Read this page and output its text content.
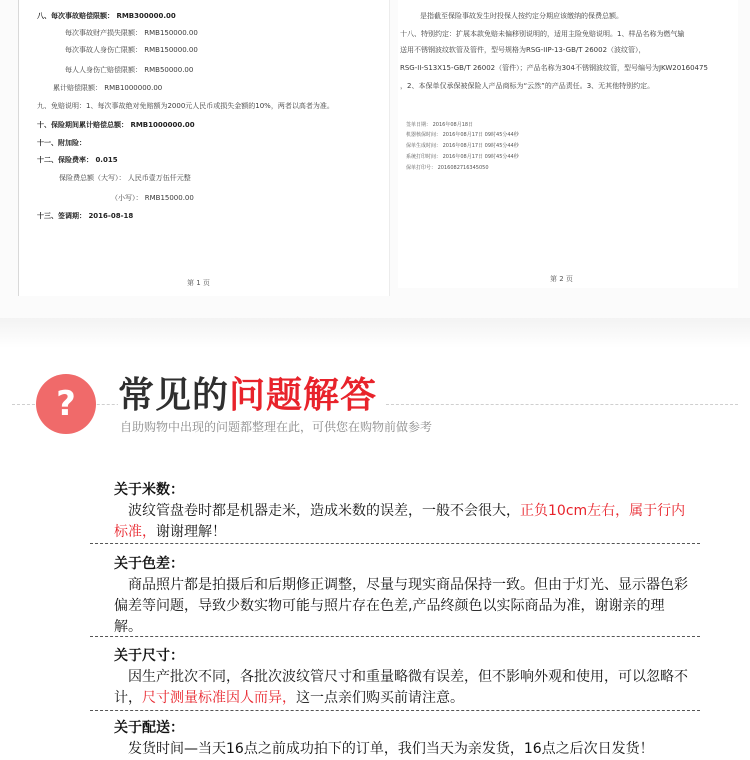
八、每次事故赔偿限额： RMB300000.00
每次事故财产损失限额： RMB150000.00
每次事故人身伤亡限额： RMB150000.00
每人人身伤亡赔偿限额： RMB50000.00
累计赔偿限额： RMB1000000.00
九、免赔说明：1、每次事故绝对免赔额为2000元人民币或损失金额的10%，两者以高者为准。
十、保险期间累计赔偿总额： RMB1000000.00
十一、附加险：
十二、保险费率： 0.015
保险费总额（大写）： 人民币壹万伍仟元整
（小写）： RMB15000.00
十三、签调期： 2016-08-18
第 1 页
是指截至保险事故发生时投保人按约定分期应该缴纳的保费总额。
十八、特别约定：扩展本款免赔未偏移别说明的，适用主险免赔说明。1、样品名称为燃气输
送用不锈钢波纹软管及管件，型号规格为RSG-IIP-13-GB/T 26002（波纹管），
RSG-II-S13X15-GB/T 26002（管件）；产品名称为304不锈钢波纹管，型号编号为JKW20160475
，2、本保单仅承保被保险人产品商标为“云然”的产品责任。3、无其他特别约定。
签单日期： 2016年08月18日
机器核保时间： 2016年08月17日 09时45分44秒
保单生成时间： 2016年08月17日 09时45分44秒
系统打印时间： 2016年08月17日 09时45分44秒
保单打印号： 2016082716345050
第 2 页
?	常见的问题解答
自助购物中出现的问题都整理在此，可供您在购物前做参考
关于米数：
波纹管盘卷时都是机器走米，造成米数的误差，一般不会很大，正负10cm左右，属于行内标准，谢谢理解！
关于色差：
商品照片都是拍摄后和后期修正调整，尽量与现实商品保持一致。但由于灯光、显示器色彩偏差等问题，导致少数实物可能与照片存在色差,产品终颜色以实际商品为准，谢谢亲的理解。
关于尺寸：
因生产批次不同，各批次波纹管尺寸和重量略微有误差，但不影响外观和使用，可以忽略不计，尺寸测量标准因人而异，这一点亲们购买前请注意。
关于配送：
发货时间—当天16点之前成功拍下的订单，我们当天为亲发货，16点之后次日发货！
